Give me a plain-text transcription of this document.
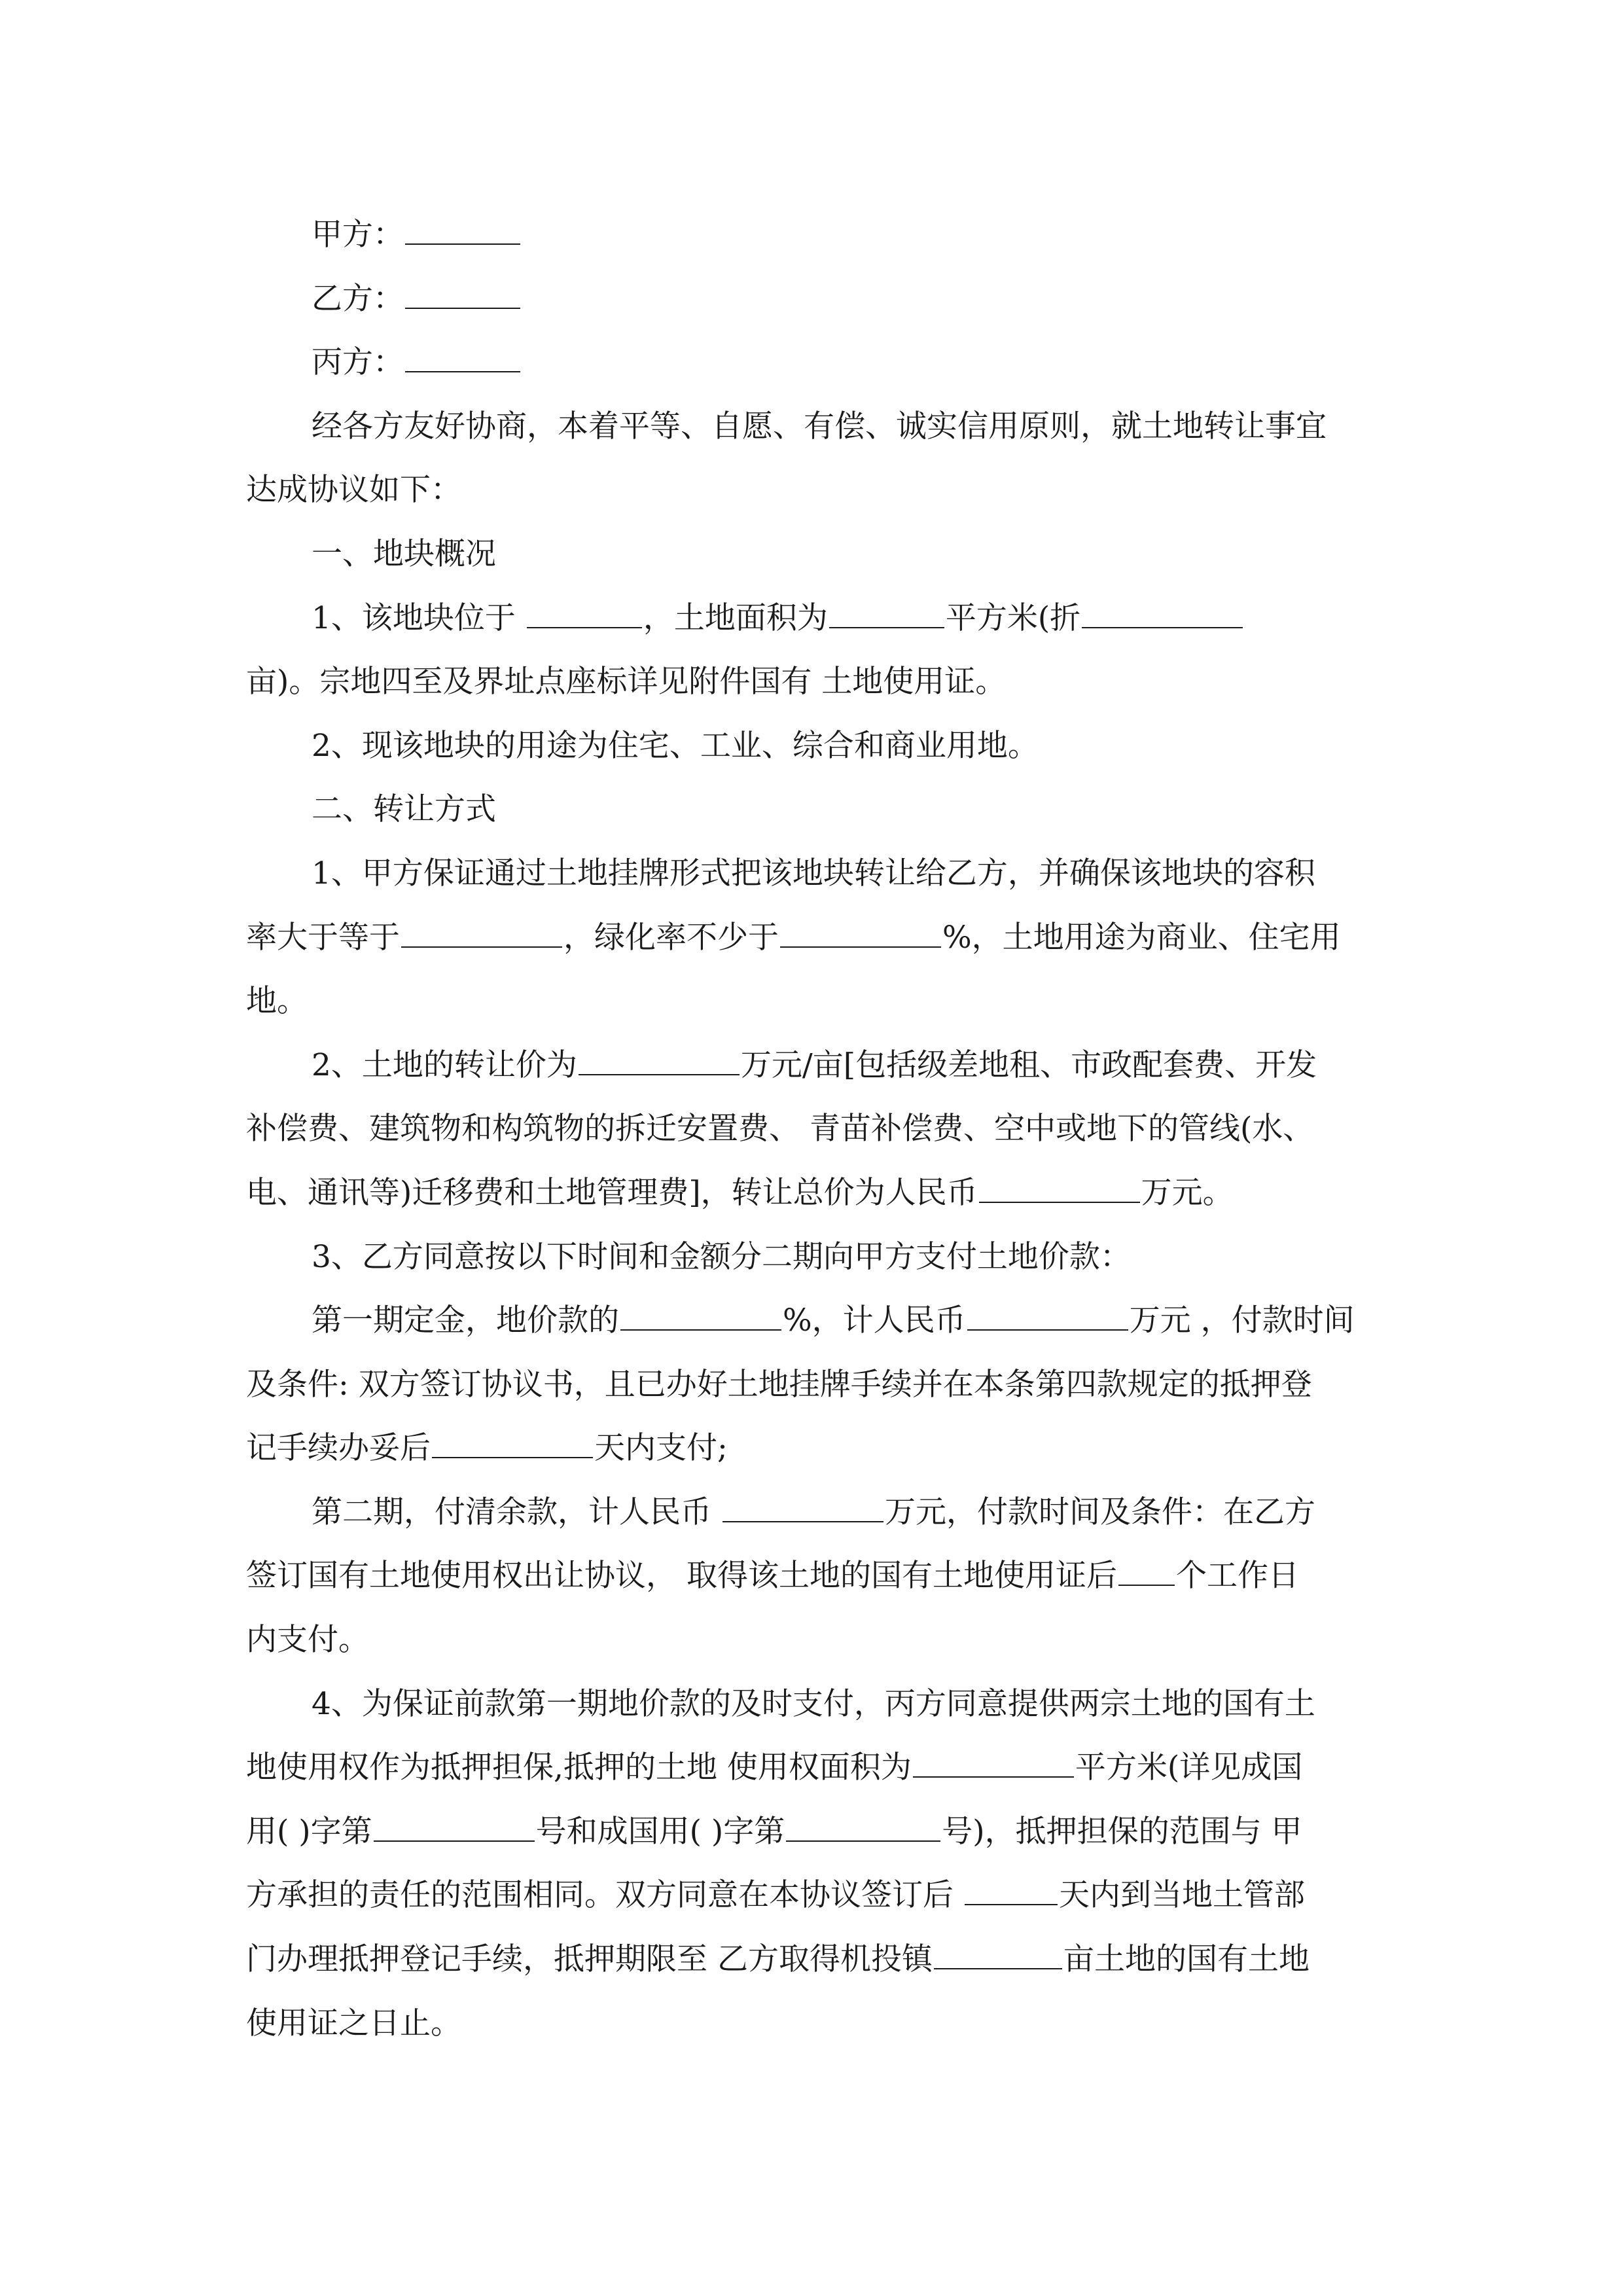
甲方：
乙方：
丙方：
经各方友好协商，本着平等、自愿、有偿、诚实信用原则，就土地转让事宜
达成协议如下：
一、地块概况
1、该地块位于	，土地面积为	平方米(折
亩)。宗地四至及界址点座标详见附件国有 土地使用证。
2、现该地块的用途为住宅、工业、综合和商业用地。
二、转让方式
1、甲方保证通过土地挂牌形式把该地块转让给乙方，并确保该地块的容积
率大于等于	，绿化率不少于	%，土地用途为商业、住宅用
地。
2、土地的转让价为	万元/亩[包括级差地租、市政配套费、开发
补偿费、建筑物和构筑物的拆迁安置费、 青苗补偿费、空中或地下的管线(水、
电、通讯等)迁移费和土地管理费]，转让总价为人民币	万元。
3、乙方同意按以下时间和金额分二期向甲方支付土地价款：
第一期定金，地价款的	%，计人民币	万元 ，付款时间
及条件: 双方签订协议书，且已办好土地挂牌手续并在本条第四款规定的抵押登
记手续办妥后	天内支付;
第二期，付清余款，计人民币	万元，付款时间及条件：在乙方
签订国有土地使用权出让协议， 取得该土地的国有土地使用证后 个工作日
内支付。
4、为保证前款第一期地价款的及时支付，丙方同意提供两宗土地的国有土
地使用权作为抵押担保,抵押的土地 使用权面积为	平方米(详见成国
用( )字第	号和成国用( )字第	号)，抵押担保的范围与 甲
方承担的责任的范围相同。双方同意在本协议签订后	天内到当地土管部
门办理抵押登记手续，抵押期限至 乙方取得机投镇	亩土地的国有土地
使用证之日止。
